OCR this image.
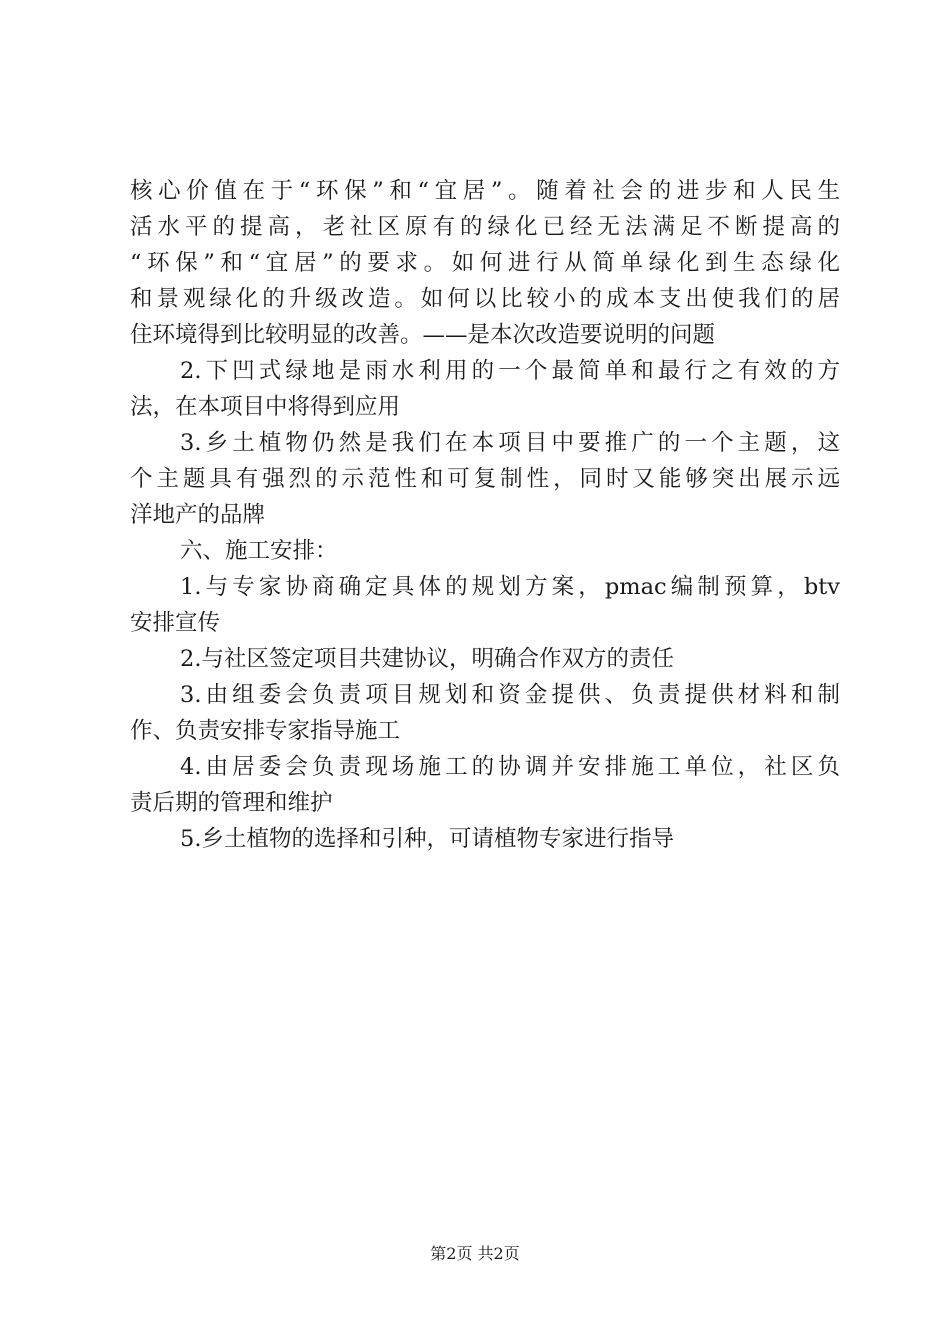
核心价值在于“环保”和“宜居”。随着社会的进步和人民生
活水平的提高，老社区原有的绿化已经无法满足不断提高的
“环保”和“宜居”的要求。如何进行从简单绿化到生态绿化
和景观绿化的升级改造。如何以比较小的成本支出使我们的居
住环境得到比较明显的改善。——是本次改造要说明的问题
2.下凹式绿地是雨水利用的一个最简单和最行之有效的方
法，在本项目中将得到应用
3.乡土植物仍然是我们在本项目中要推广的一个主题，这
个主题具有强烈的示范性和可复制性，同时又能够突出展示远
洋地产的品牌
六、施工安排：
1.与专家协商确定具体的规划方案，pmac编制预算，btv
安排宣传
2.与社区签定项目共建协议，明确合作双方的责任
3.由组委会负责项目规划和资金提供、负责提供材料和制
作、负责安排专家指导施工
4.由居委会负责现场施工的协调并安排施工单位，社区负
责后期的管理和维护
5.乡土植物的选择和引种，可请植物专家进行指导
第2页 共2页
